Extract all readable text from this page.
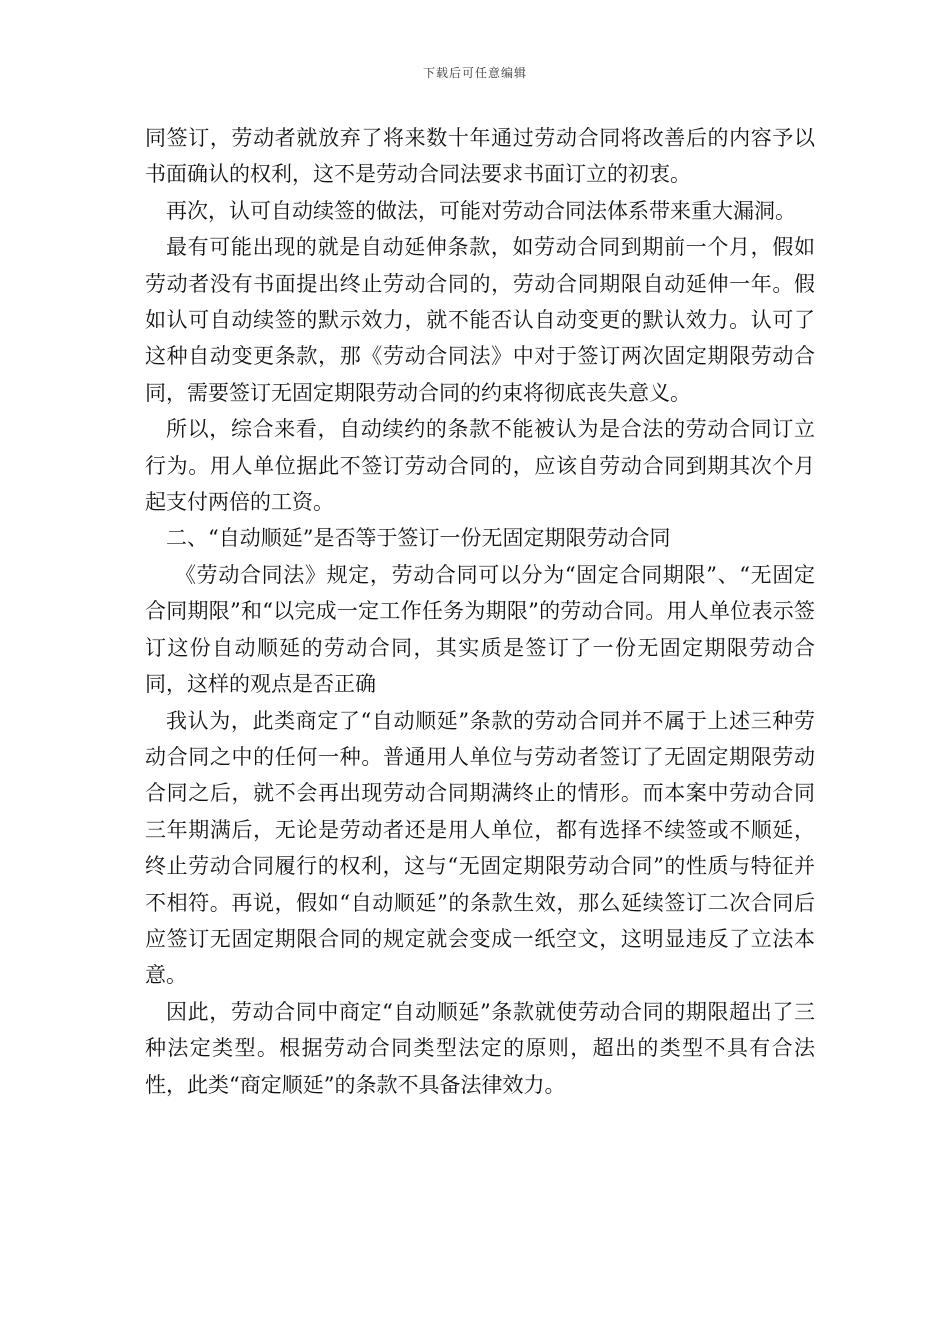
下载后可任意编辑

同签订，劳动者就放弃了将来数十年通过劳动合同将改善后的内容予以书面确认的权利，这不是劳动合同法要求书面订立的初衷。

再次，认可自动续签的做法，可能对劳动合同法体系带来重大漏洞。

最有可能出现的就是自动延伸条款，如劳动合同到期前一个月，假如劳动者没有书面提出终止劳动合同的，劳动合同期限自动延伸一年。假如认可自动续签的默示效力，就不能否认自动变更的默认效力。认可了这种自动变更条款，那《劳动合同法》中对于签订两次固定期限劳动合同，需要签订无固定期限劳动合同的约束将彻底丧失意义。

所以，综合来看，自动续约的条款不能被认为是合法的劳动合同订立行为。用人单位据此不签订劳动合同的，应该自劳动合同到期其次个月起支付两倍的工资。

二、“自动顺延”是否等于签订一份无固定期限劳动合同

《劳动合同法》规定，劳动合同可以分为“固定合同期限”、“无固定合同期限”和“以完成一定工作任务为期限”的劳动合同。用人单位表示签订这份自动顺延的劳动合同，其实质是签订了一份无固定期限劳动合同，这样的观点是否正确

我认为，此类商定了“自动顺延”条款的劳动合同并不属于上述三种劳动合同之中的任何一种。普通用人单位与劳动者签订了无固定期限劳动合同之后，就不会再出现劳动合同期满终止的情形。而本案中劳动合同三年期满后，无论是劳动者还是用人单位，都有选择不续签或不顺延，终止劳动合同履行的权利，这与“无固定期限劳动合同”的性质与特征并不相符。再说，假如“自动顺延”的条款生效，那么延续签订二次合同后应签订无固定期限合同的规定就会变成一纸空文，这明显违反了立法本意。

因此，劳动合同中商定“自动顺延”条款就使劳动合同的期限超出了三种法定类型。根据劳动合同类型法定的原则，超出的类型不具有合法性，此类“商定顺延”的条款不具备法律效力。
